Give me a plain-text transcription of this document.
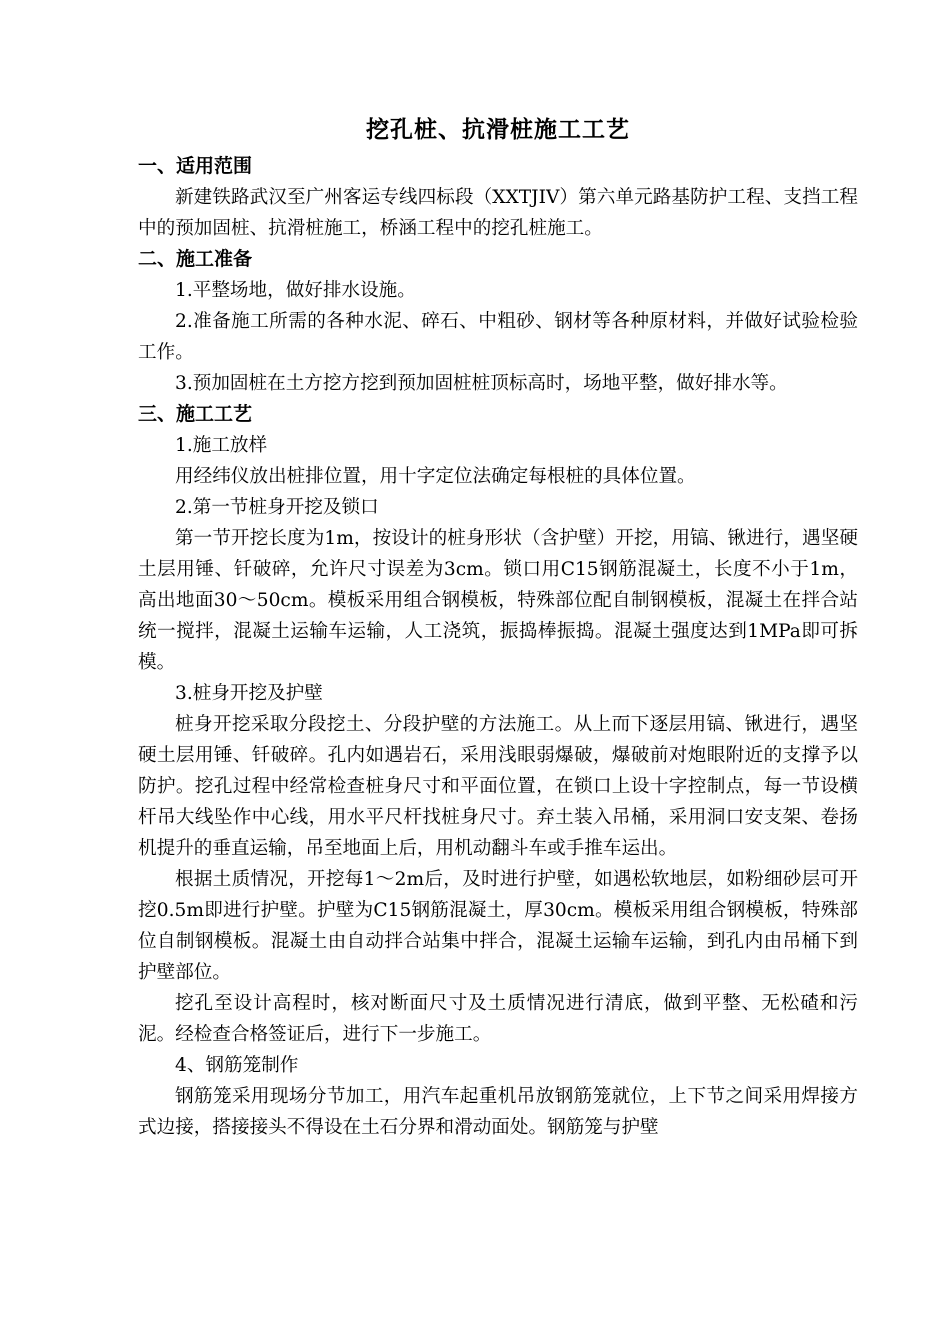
挖孔桩、抗滑桩施工工艺
一、适用范围

新建铁路武汉至广州客运专线四标段（XXTJIV）第六单元路基防护工程、支挡工程中的预加固桩、抗滑桩施工，桥涵工程中的挖孔桩施工。

二、施工准备

1.平整场地，做好排水设施。

2.准备施工所需的各种水泥、碎石、中粗砂、钢材等各种原材料，并做好试验检验工作。

3.预加固桩在土方挖方挖到预加固桩桩顶标高时，场地平整，做好排水等。

三、施工工艺

1.施工放样

用经纬仪放出桩排位置，用十字定位法确定每根桩的具体位置。

2.第一节桩身开挖及锁口

第一节开挖长度为1m，按设计的桩身形状（含护壁）开挖，用镐、锹进行，遇坚硬土层用锤、钎破碎，允许尺寸误差为3cm。锁口用C15钢筋混凝土，长度不小于1m，高出地面30～50cm。模板采用组合钢模板，特殊部位配自制钢模板，混凝土在拌合站统一搅拌，混凝土运输车运输，人工浇筑，振捣棒振捣。混凝土强度达到1MPa即可拆模。

3.桩身开挖及护壁

桩身开挖采取分段挖土、分段护壁的方法施工。从上而下逐层用镐、锹进行，遇坚硬土层用锤、钎破碎。孔内如遇岩石，采用浅眼弱爆破，爆破前对炮眼附近的支撑予以防护。挖孔过程中经常检查桩身尺寸和平面位置，在锁口上设十字控制点，每一节设横杆吊大线坠作中心线，用水平尺杆找桩身尺寸。弃土装入吊桶，采用洞口安支架、卷扬机提升的垂直运输，吊至地面上后，用机动翻斗车或手推车运出。

根据土质情况，开挖每1～2m后，及时进行护壁，如遇松软地层，如粉细砂层可开挖0.5m即进行护壁。护壁为C15钢筋混凝土，厚30cm。模板采用组合钢模板，特殊部位自制钢模板。混凝土由自动拌合站集中拌合，混凝土运输车运输，到孔内由吊桶下到护壁部位。

挖孔至设计高程时，核对断面尺寸及土质情况进行清底，做到平整、无松碴和污泥。经检查合格签证后，进行下一步施工。

4、钢筋笼制作

钢筋笼采用现场分节加工，用汽车起重机吊放钢筋笼就位，上下节之间采用焊接方式边接，搭接接头不得设在土石分界和滑动面处。钢筋笼与护壁
